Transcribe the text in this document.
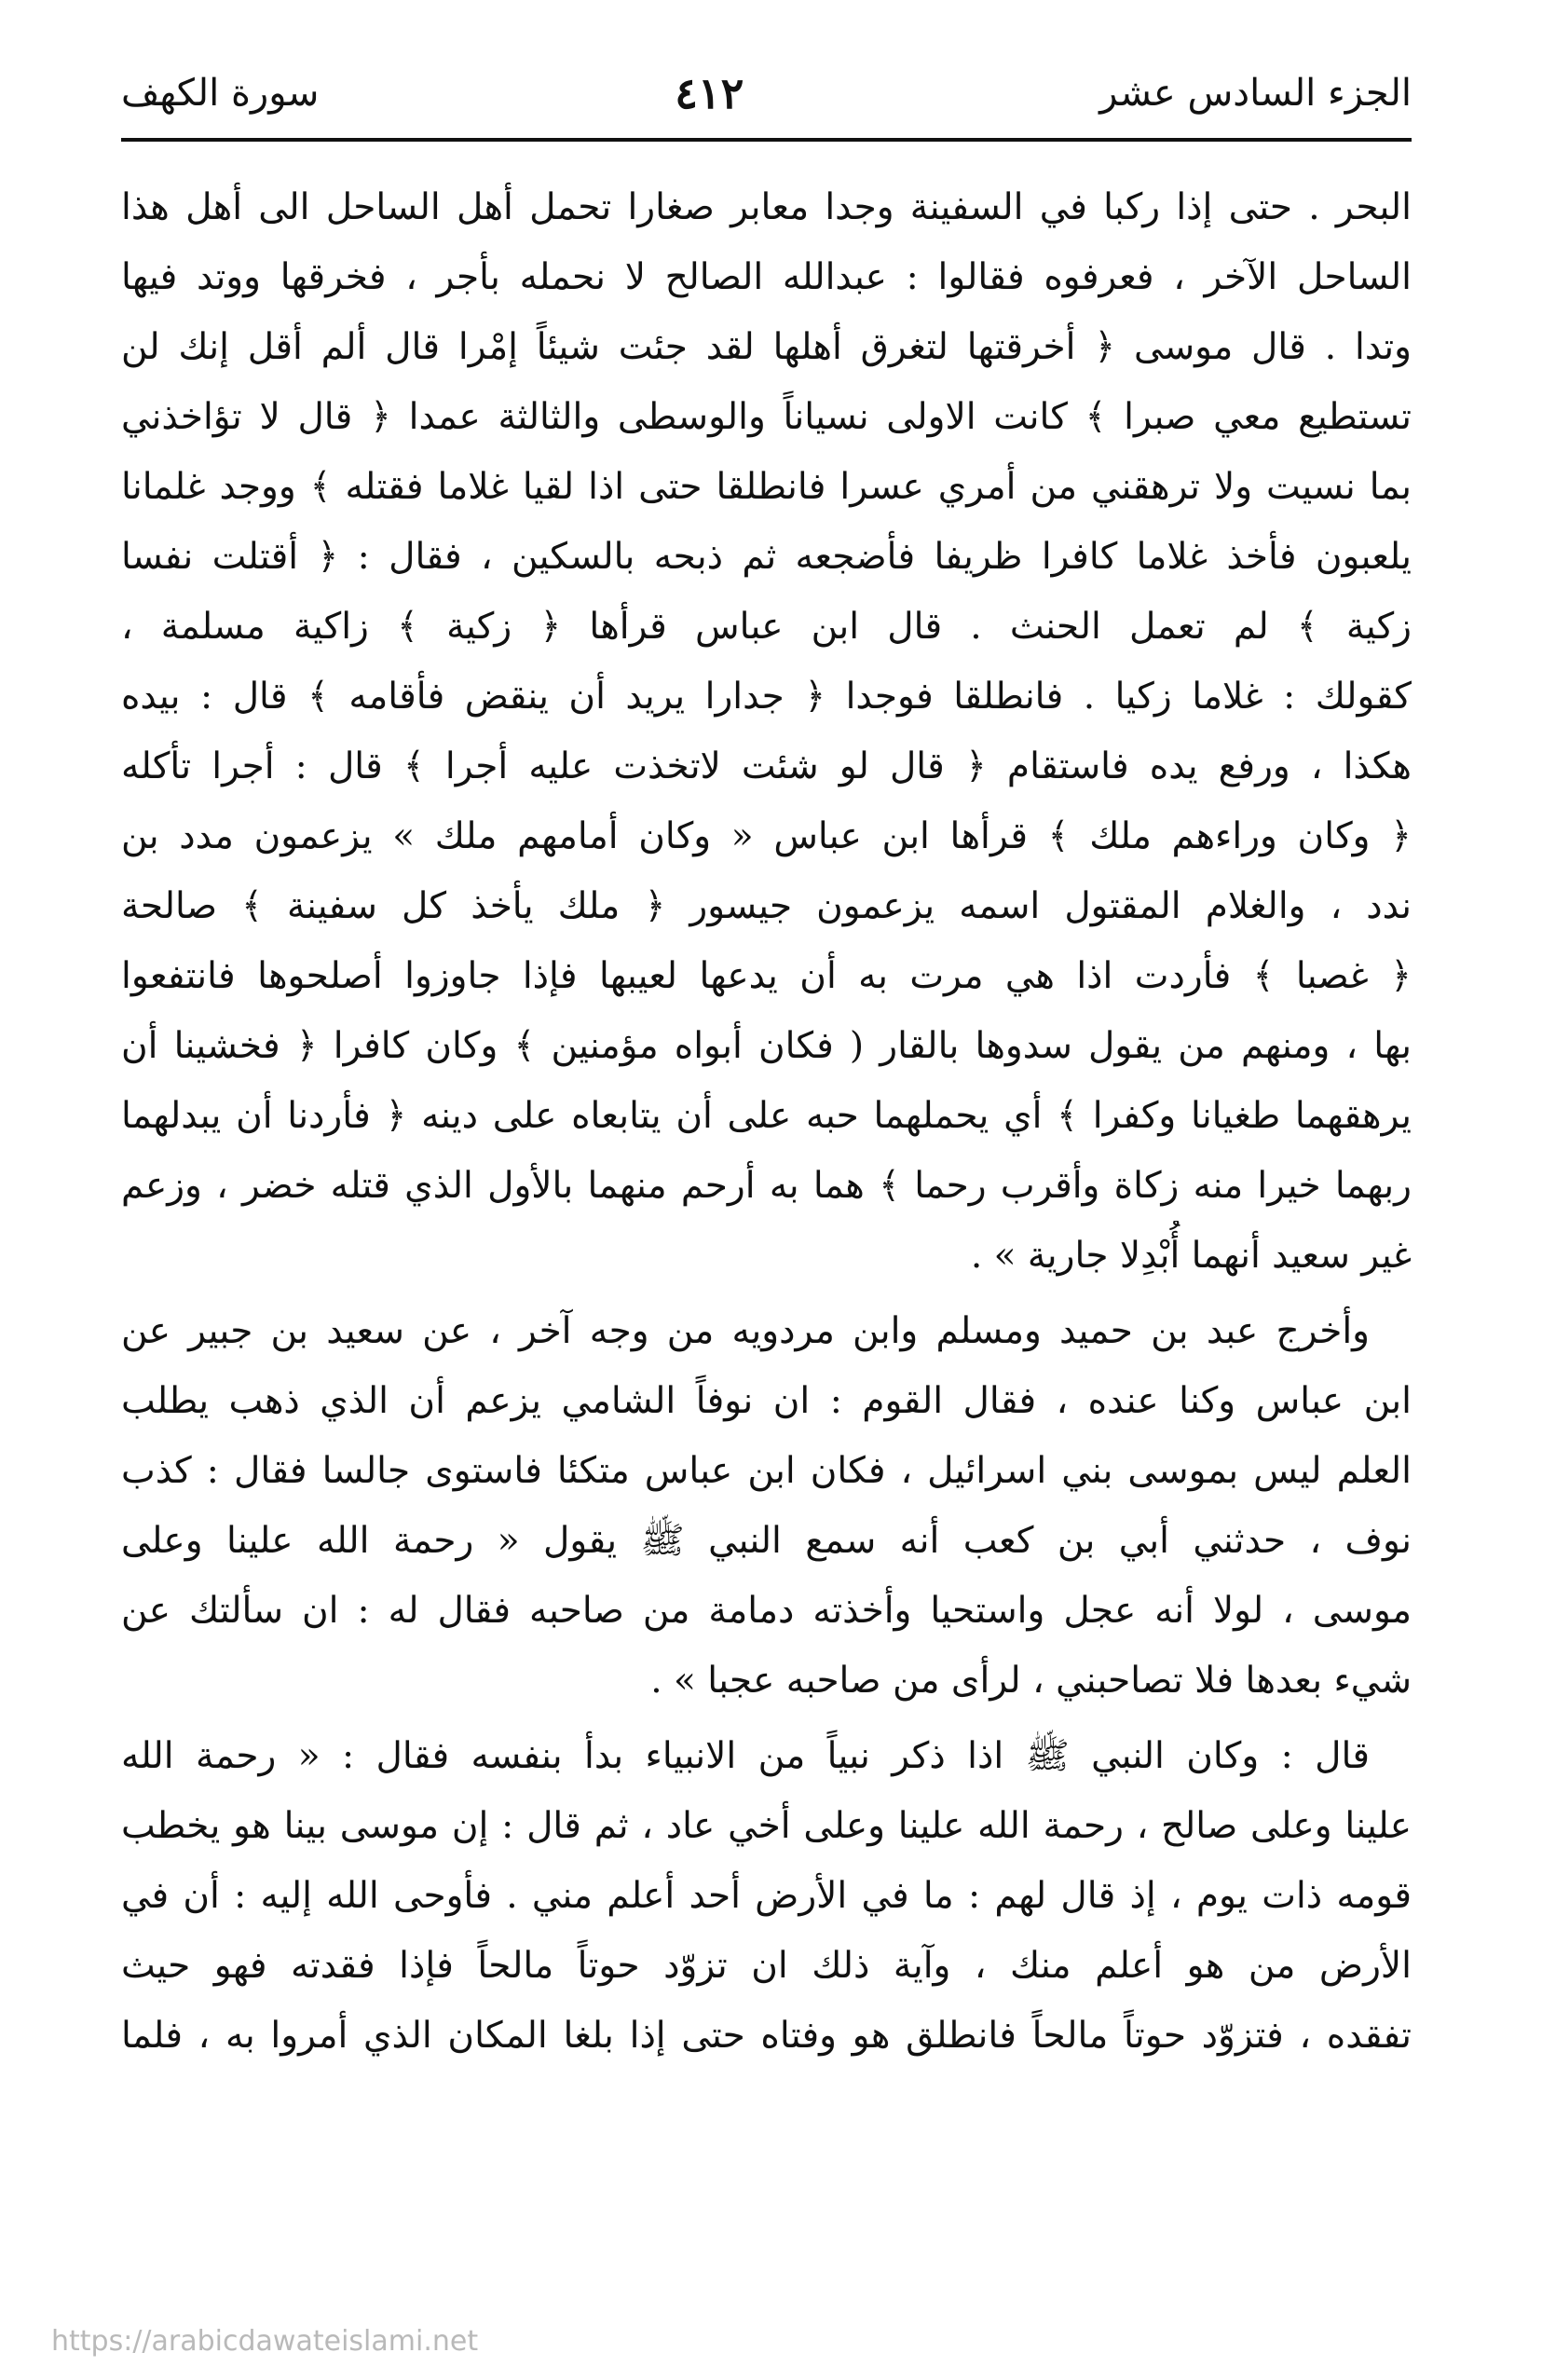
الجزء السادس عشر
٤١٢
سورة الكهف
البحر . حتى إذا ركبا في السفينة وجدا معابر صغارا تحمل أهل الساحل الى أهل هذا
الساحل الآخر ، فعرفوه فقالوا : عبدالله الصالح لا نحمله بأجر ، فخرقها ووتد فيها
وتدا . قال موسى ﴿ أخرقتها لتغرق أهلها لقد جئت شيئاً إمْرا قال ألم أقل إنك لن
تستطيع معي صبرا ﴾ كانت الاولى نسياناً والوسطى والثالثة عمدا ﴿ قال لا تؤاخذني
بما نسيت ولا ترهقني من أمري عسرا فانطلقا حتى اذا لقيا غلاما فقتله ﴾ ووجد غلمانا
يلعبون فأخذ غلاما كافرا ظريفا فأضجعه ثم ذبحه بالسكين ، فقال : ﴿ أقتلت نفسا
زكية ﴾ لم تعمل الحنث . قال ابن عباس قرأها ﴿ زكية ﴾ زاكية مسلمة ،
كقولك : غلاما زكيا . فانطلقا فوجدا ﴿ جدارا يريد أن ينقض فأقامه ﴾ قال : بيده
هكذا ، ورفع يده فاستقام ﴿ قال لو شئت لاتخذت عليه أجرا ﴾ قال : أجرا تأكله
﴿ وكان وراءهم ملك ﴾ قرأها ابن عباس « وكان أمامهم ملك » يزعمون مدد بن
ندد ، والغلام المقتول اسمه يزعمون جيسور ﴿ ملك يأخذ كل سفينة ﴾ صالحة
﴿ غصبا ﴾ فأردت اذا هي مرت به أن يدعها لعيبها فإذا جاوزوا أصلحوها فانتفعوا
بها ، ومنهم من يقول سدوها بالقار ( فكان أبواه مؤمنين ﴾ وكان كافرا ﴿ فخشينا أن
يرهقهما طغيانا وكفرا ﴾ أي يحملهما حبه على أن يتابعاه على دينه ﴿ فأردنا أن يبدلهما
ربهما خيرا منه زكاة وأقرب رحما ﴾ هما به أرحم منهما بالأول الذي قتله خضر ، وزعم
غير سعيد أنهما أُبْدِلا جارية » .
وأخرج عبد بن حميد ومسلم وابن مردويه من وجه آخر ، عن سعيد بن جبير عن
ابن عباس وكنا عنده ، فقال القوم : ان نوفاً الشامي يزعم أن الذي ذهب يطلب
العلم ليس بموسى بني اسرائيل ، فكان ابن عباس متكئا فاستوى جالسا فقال : كذب
نوف ، حدثني أبي بن كعب أنه سمع النبي ﷺ يقول « رحمة الله علينا وعلى
موسى ، لولا أنه عجل واستحيا وأخذته دمامة من صاحبه فقال له : ان سألتك عن
شيء بعدها فلا تصاحبني ، لرأى من صاحبه عجبا » .
قال : وكان النبي ﷺ اذا ذكر نبياً من الانبياء بدأ بنفسه فقال : « رحمة الله
علينا وعلى صالح ، رحمة الله علينا وعلى أخي عاد ، ثم قال : إن موسى بينا هو يخطب
قومه ذات يوم ، إذ قال لهم : ما في الأرض أحد أعلم مني . فأوحى الله إليه : أن في
الأرض من هو أعلم منك ، وآية ذلك ان تزوّد حوتاً مالحاً فإذا فقدته فهو حيث
تفقده ، فتزوّد حوتاً مالحاً فانطلق هو وفتاه حتى إذا بلغا المكان الذي أمروا به ، فلما
https://arabicdawateislami.net
